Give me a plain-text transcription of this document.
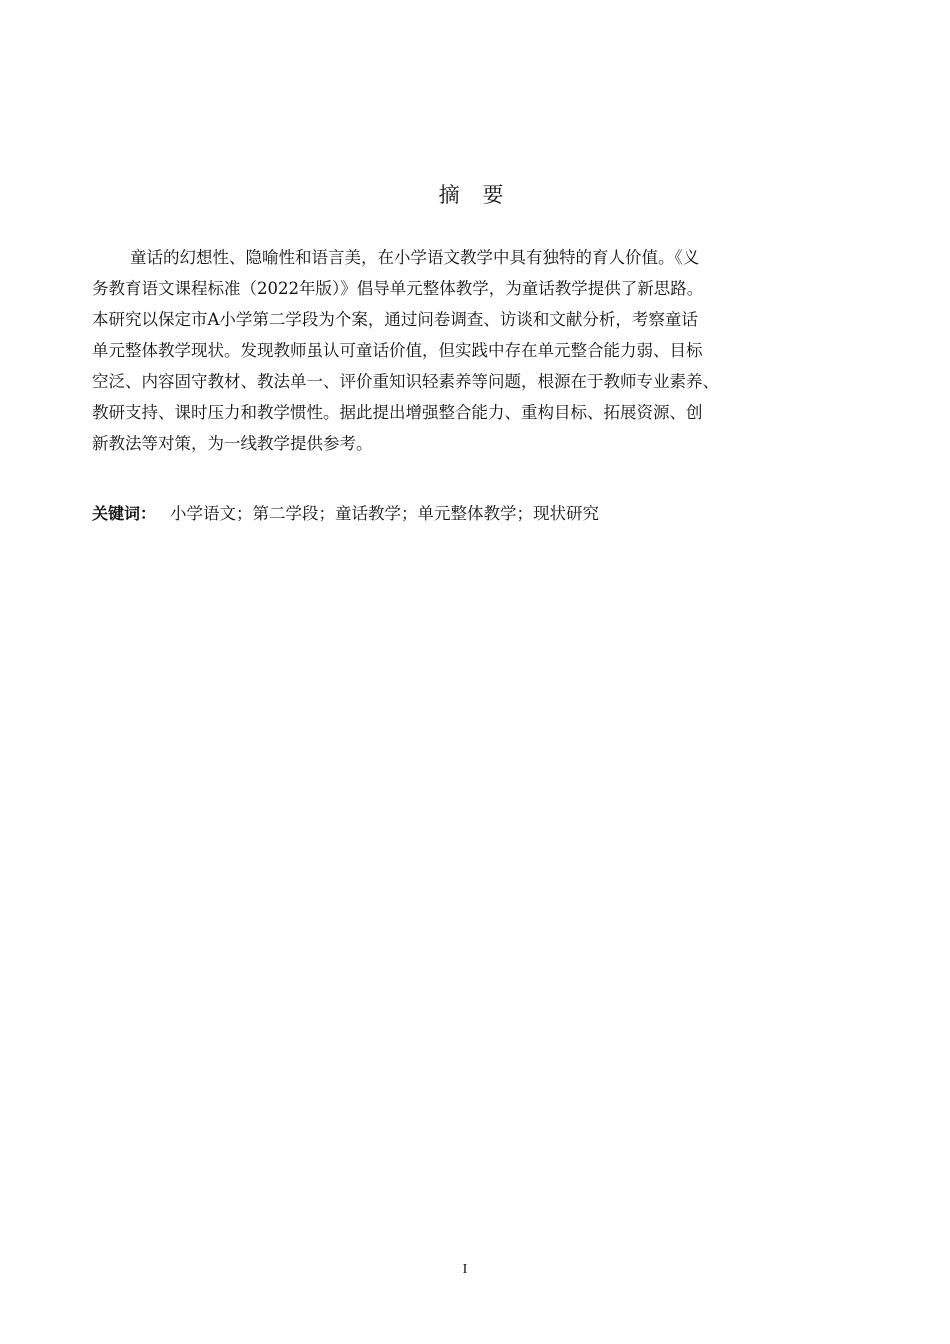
摘 要
童话的幻想性、隐喻性和语言美，在小学语文教学中具有独特的育人价值。《义
务教育语文课程标准（2022年版）》倡导单元整体教学，为童话教学提供了新思路。
本研究以保定市A小学第二学段为个案，通过问卷调查、访谈和文献分析，考察童话
单元整体教学现状。发现教师虽认可童话价值，但实践中存在单元整合能力弱、目标
空泛、内容固守教材、教法单一、评价重知识轻素养等问题，根源在于教师专业素养、
教研支持、课时压力和教学惯性。据此提出增强整合能力、重构目标、拓展资源、创
新教法等对策，为一线教学提供参考。
关键词： 小学语文；第二学段；童话教学；单元整体教学；现状研究
I
